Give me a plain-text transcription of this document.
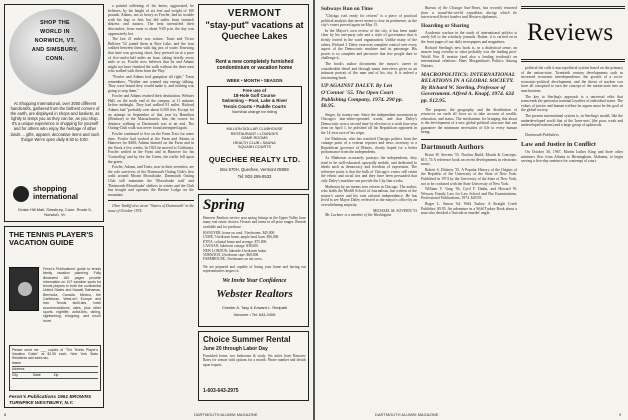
SHOP THE WORLD IN NORWICH, VT. AND SIMSBURY, CONN.
At Shopping International, over 3000 different handicrafts, gathered from the farthest corners of the earth, are displayed in shops and baskets, as lightly to tempt you as they can be, as you shop. It's a unique experience in shopping for yourself and for others who enjoy the heritage of other lands ... gifts, apparel, decorative items and such things! We're open daily 9:30 to 5:00.
shopping international
Drake Hill Mall, Simsbury, Conn. Route 5, Norwich, Vt.
THE TENNIS PLAYER'S VACATION GUIDE
Feron's Publications' guide to tennis family vacation planning. Fully illustrated 160 pages provide information on 107 vacation spots for tennis players in both the continental United States and Hawaii, Bahamas, Bermuda, Canada, Mexico, the Caribbean, West-ern Europe and Iran. Tennis facili-ties, hotel accommodations, rates, plus other sports, nightlife, activi-ties, dining, sightseeing, shopping, and much more.
Please send me ___ copies of "The Tennis Player's Vacation Guide" at $2.95 each. New York State Residents add sales tax.
Name
Address
City	State	Zip
Feron's Publications 1961 BROWNS TURNPIKE WESTBURY, N.Y.

a painful stiffening of his knees, aggravated, he believes, by his height of six feet and weight of 160 pounds. Adams, not so heavy as Fowler, had no trouble with his legs or feet, but did suffer from stomach distress and nausea. The heat intensified their discomfort; from noon to about 9:00 p.m. the day was oppressively hot.

The last 21 miles was torture. Tonis and Victor Belfiore '52 joined them at Rice Lake, and the four walked between them with big jars of water. Knowing that time was growing short, they pressed on at a pace of five-and-a-half miles an hour, taking briefly every mile or so. Fowler now believes that he and Adams might not have finished the walk without the three men who walked with them from the 'Bay.'

"Fowler and Adams had gumption all right," Tonis remembers, "Neither one wanted any energy talking. They were bound they would make it, and nothing was going to stop them."

Fowler and Adams reached their destination, Webster Hall, on the north end of the campus, at 11 minutes before midnight. They had walked 81 miles. Richard Adams had "probably over about 6,500 feet. Except for an attempt in September of that year by Hamilton (Moulton) to the Massachusetts line, the course for distance walking at Dartmouth was at an end. The Outing-Club walk was never found attempted again.

Fowler continued to live on the Farm Tract for some time. Fowler had worked at the Farm and Adams at Hanover for $400; Adams himself on the Farm and in the Stock a few weeks. In 1923 he moved to California. Fowler settled in the Farm and in Hanover for his 'Controllog' and by fire the Green, the traffic fell upon the green.

Fowler, Adams, and Tonis, now in their seventies, are the sole survivors of the Dartmouth Outing Club's first walk around Mount Moosilauke. Dartmouth Outing Club still maintains the 'Moosilauke trail' and 'Dartmouth-Moosilauke' shelters in winter and the Club has bought and operates the Ravine Lodge on the mountain.

Olive Tardiff also wrote "Sisters of Dartmouth" in the issue of October 1974.

VERMONT
"stay-put" vacations at Quechee Lakes
Rent a new completely furnished condominium or vacation home
WEEK • MONTH • SEASON
Free use of
18-Hole Golf Course
Swimming – Pool, Lake & River
Tennis Courts • Paddle Courts
Nominal charge for riding
MILLION DOLLAR CLUBHOUSE
RESTAURANT • LOUNGES
GAME ROOMS
HEALTH CLUB • SAUNA
SQUASH COURTS
QUECHEE REALTY LTD.
Box 570H, Quechee, Vermont 05059
Tel: 802-295-5533
Spring
Hanover Realtors service area spring listings in the Upper Valley have many real estate choices. Houses and farms in all price ranges. Rentals available and for purchase.
HANOVER, home on road, 3 bedrooms. $45,000.
LYME, 5 bedroom home, ample land, barn. $56,000.
ETNA, colonial home and acreage. $75,000.
CANAAN, lakefront cottage. $38,000.
NEW LONDON, lakeside 4 bedroom home.
NORWICH, 4 bedroom cape. $68,000.
FARMHOUSE, 3 bedrooms on ten acres.
We are prepared and capable of listing your home and having our representatives inspect it.
We Invite Your Confidence
Webster Realtors
Chester A. Tasy & Edward L. Redpath
Hanover • Tel: 643-2406
Choice Summer Rental
June 20 through Labor Day
Furnished home, two bedrooms & study. Six miles from Hanover. Rates for season with options for a month. Phone number and details upon request.
1-603-643-2975
8	DARTMOUTH ALUMNI MAGAZINE
Reviews
Subways Run on Time

"Chicago isn't ready for reform" is a piece of practical political analysis that never seems to lose its pertinence, as the city's voters proved again on May 15.

In the Mayor's own review of the city, it has been made clear by his one-party rule and a style of governance that is firmly rooted in the ward organization. Unlike many of the others, Richard J. Daley exercises complete control over every aspect of the Democratic machine and its patronage. His power is so complete and pervasive that few people dare to challenge it.

The book's author documents the mayor's career in considerable detail and through many interviews gives us an intimate portrait of the man and of his city. It is indeed a fascinating book.

UP AGAINST DALEY. By Len O'Connor '55. The Open Court Publishing Company, 1974. 290 pp. $8.95.

Singer, by twenty-one. Since the independent movement in Chicago's non-white-operated wards, and that Daley's Democratic won a second time by election to a sixth four-year term on April 1, he polished off his Republican opponent in the 14-year race of his reign.

Joe Matheson, who has watched Chicago politics from the vantage point of a veteran reporter and news secretary to a Republican governor of Illinois, clearly hoped for a better performance from the independents.

As Matheson accurately portrays the independents, they tend to be well-educated, upwardly mobile, and dedicated to ideals such as democracy and freedom of expression. The reference point is that the bulk of Chicago's voters still retain the ethnic and racial ties and they have been persuaded that only Daley's machine can provide the City that works.

Matheson by no means sees reform in Chicago. The author, who holds the Medill School of Journalism, has written of the mayor's career and his own rational independence. He has lived to see Mayor Daley reelected to the mayor's office by an overwhelming majority.

MICHAEL M. SOVERN '53

Mr. Lackner is a member of the Washington

Bureau of the Chicago Sun-Times, has recently returned from a round-the-world expedition during which he interviewed Soviet leaders and Western diplomats.

Hoarding or Sharing

Academic warfare in the study of international politics is rarely left to the scholarly journals. Rather, it is carried on in the front pages of our daily newspapers and magazines.

Richard Sterling's new book is, in a dialectical sense, an answer long overdue to what probably was the leading post-World War II treatise (and also a leading textbook) on international relations: Hans Morgenthau's Politics Among Nations.

MACROPOLITICS: INTERNATIONAL RELATIONS IN A GLOBAL SOCIETY. By Richard W. Sterling, Professor of Government. Alfred A. Knopf, 1974. 624 pp. $12.95.

The purpose, the geography, and the distribution of resources on earth all force us to take account of wealth, education, and status. The mechanism for bringing this about is the development of a new global political structure that can guarantee the minimum necessities of life to every human being.

Dartmouth Authors

Bruce W. Stevens '55. Nuclear Build, Moods & Concepts. $13. 74 A reference book on recent developments in electronic music.

Robert S. Doherty '35. A Popular History of the Origins of the Republic of the University of the State of New York. Published in 1974 by the University of the State of New York, not to be confused with the State University of New York.

William V. Vang '56, Cyril F. Dakin, and Howard W. Wesson. Family Law for Law School and Bar Examinations. Professional Publications, 1974. $29.95.

Roger L. Simon '64. Wild Turkey. A Straight Creek Publisher. $5.95. An adventure in a Wild Turkey Book about a man who decided a 'Suicide or murder' angle.

political the calls it macropolitical system based on the primacy of the nation-state. Twentieth century developments such as increased economic interdependence, the growth of a socio-economic-political development, and the threat of nuclear war have all conspired to turn the concept of the nation-state into an anachronism.

The key to Sterling's approach is a universal ethic that transcends the particular national loyalties of individual states. The values of justice and human welfare he argues must be the goal of the global society.

The present international system is, in Sterling's model, like the underdeveloped world that of the 'have-nots' (the poor, weak and undeveloped nations) and a large group of upheavals.

Dartmouth Publishers

Law and Justice in Conflict

On October 30, 1967, Martin Luther King and three other ministers flew from Atlanta to Birmingham, Alabama, to begin serving a five-day sentence for contempt of court.

DARTMOUTH ALUMNI MAGAZINE	9
